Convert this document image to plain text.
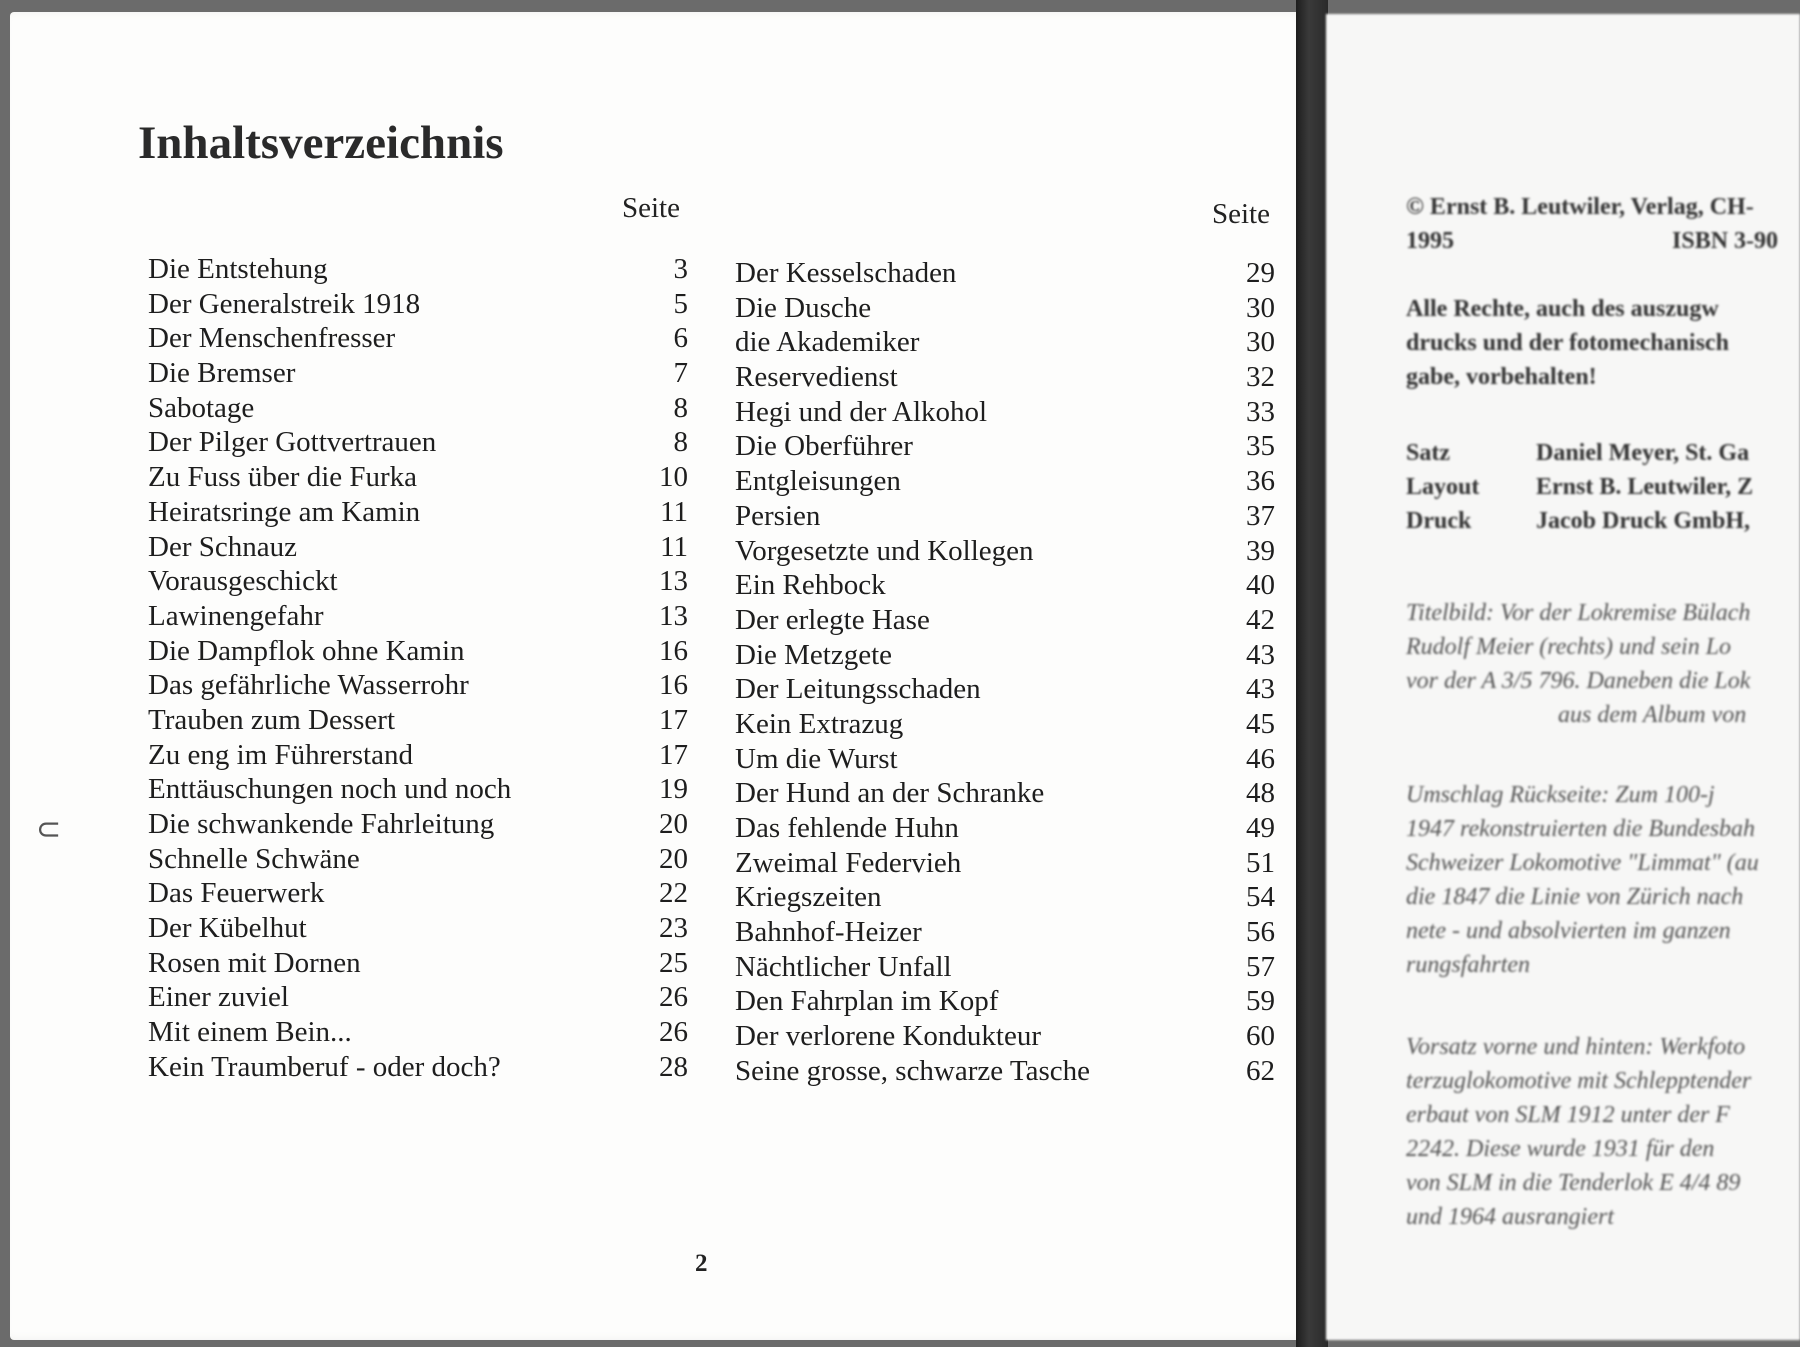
Inhaltsverzeichnis
Seite	Seite
Die Entstehung	3
Der Generalstreik 1918	5
Der Menschenfresser	6
Die Bremser	7
Sabotage	8
Der Pilger Gottvertrauen	8
Zu Fuss über die Furka	10
Heiratsringe am Kamin	11
Der Schnauz	11
Vorausgeschickt	13
Lawinengefahr	13
Die Dampflok ohne Kamin	16
Das gefährliche Wasserrohr	16
Trauben zum Dessert	17
Zu eng im Führerstand	17
Enttäuschungen noch und noch	19
Die schwankende Fahrleitung	20
Schnelle Schwäne	20
Das Feuerwerk	22
Der Kübelhut	23
Rosen mit Dornen	25
Einer zuviel	26
Mit einem Bein...	26
Kein Traumberuf - oder doch?	28
Der Kesselschaden	29
Die Dusche	30
die Akademiker	30
Reservedienst	32
Hegi und der Alkohol	33
Die Oberführer	35
Entgleisungen	36
Persien	37
Vorgesetzte und Kollegen	39
Ein Rehbock	40
Der erlegte Hase	42
Die Metzgete	43
Der Leitungsschaden	43
Kein Extrazug	45
Um die Wurst	46
Der Hund an der Schranke	48
Das fehlende Huhn	49
Zweimal Federvieh	51
Kriegszeiten	54
Bahnhof-Heizer	56
Nächtlicher Unfall	57
Den Fahrplan im Kopf	59
Der verlorene Kondukteur	60
Seine grosse, schwarze Tasche	62
2
⊂
© Ernst B. Leutwiler, Verlag, CH-
1995	ISBN 3-90
Alle Rechte, auch des auszugw
drucks und der fotomechanisch
gabe, vorbehalten!
Satz	Daniel Meyer, St. Ga
Layout Ernst B. Leutwiler, Z
Druck	Jacob Druck GmbH,
Titelbild: Vor der Lokremise Bülach
Rudolf Meier (rechts) und sein Lo
vor der A 3/5 796. Daneben die Lok
aus dem Album von
Umschlag Rückseite: Zum 100-j
1947 rekonstruierten die Bundesbah
Schweizer Lokomotive "Limmat" (au
die 1847 die Linie von Zürich nach
nete - und absolvierten im ganzen
rungsfahrten
Vorsatz vorne und hinten: Werkfoto
terzuglokomotive mit Schlepptender
erbaut von SLM 1912 unter der F
2242. Diese wurde 1931 für den
von SLM in die Tenderlok E 4/4 89
und 1964 ausrangiert
